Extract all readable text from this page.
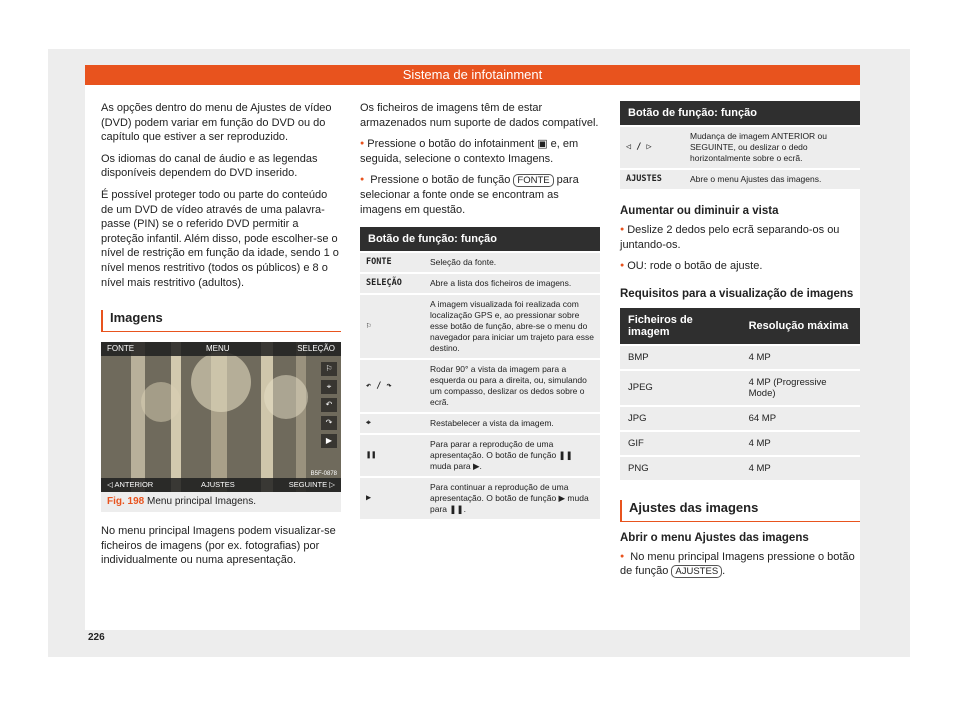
Sistema de infotainment

As opções dentro do menu de Ajustes de vídeo (DVD) podem variar em função do DVD ou do capítulo que estiver a ser reproduzido.

Os idiomas do canal de áudio e as legendas disponíveis dependem do DVD inserido.

É possível proteger todo ou parte do conteúdo de um DVD de vídeo através de uma palavra-passe (PIN) se o referido DVD permitir a proteção infantil. Além disso, pode escolher-se o nível de restrição em função da idade, sendo 1 o nível menos restritivo (todos os públicos) e 8 o nível mais restritivo (adultos).

Imagens
FONTE	MENU	SELEÇÃO
⚐
⌖
↶
↷
▶
◁ ANTERIOR	AJUSTES	SEGUINTE ▷
B5F-0878
Fig. 198 Menu principal Imagens.

No menu principal Imagens podem visualizar-se ficheiros de imagens (por ex. fotografias) por individualmente ou numa apresentação.

Os ficheiros de imagens têm de estar armazenados num suporte de dados compatível.

● Pressione o botão do infotainment ▣ e, em seguida, selecione o contexto Imagens.

● Pressione o botão de função FONTE para selecionar a fonte onde se encontram as imagens em questão.

Botão de função: função
FONTE	Seleção da fonte.
SELEÇÃO	Abre a lista dos ficheiros de imagens.
⚐	A imagem visualizada foi realizada com localização GPS e, ao pressionar sobre esse botão de função, abre-se o menu do navegador para iniciar um trajeto para esse destino.
↶ / ↷	Rodar 90° a vista da imagem para a esquerda ou para a direita, ou, simulando um compasso, deslizar os dedos sobre o ecrã.
⌖	Restabelecer a vista da imagem.
❚❚	Para parar a reprodução de uma apresentação. O botão de função ❚❚ muda para ▶.
▶	Para continuar a reprodução de uma apresentação. O botão de função ▶ muda para ❚❚.
Botão de função: função
◁ / ▷	Mudança de imagem ANTERIOR ou SEGUINTE, ou deslizar o dedo horizontalmente sobre o ecrã.
AJUSTES	Abre o menu Ajustes das imagens.
Aumentar ou diminuir a vista

● Deslize 2 dedos pelo ecrã separando-os ou juntando-os.

● OU: rode o botão de ajuste.

Requisitos para a visualização de imagens
Ficheiros de imagem	Resolução máxima
BMP	4 MP
JPEG	4 MP (Progressive Mode)
JPG	64 MP
GIF	4 MP
PNG	4 MP
Ajustes das imagens
Abrir o menu Ajustes das imagens

● No menu principal Imagens pressione o botão de função AJUSTES .

226
